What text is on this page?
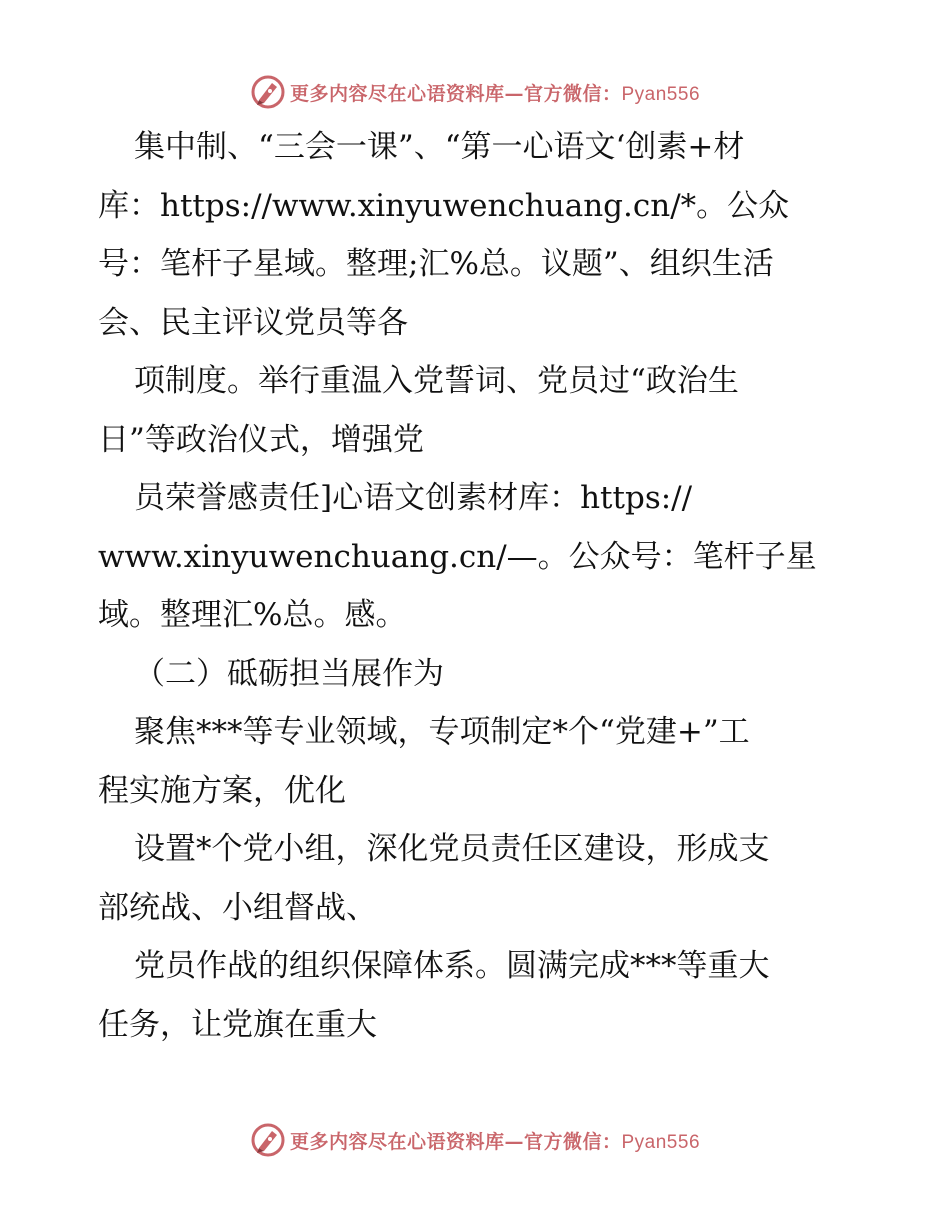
更多内容尽在心语资料库—官方微信：Pyan556
集中制、“三会一课”、“第一心语文‘创素+材
库：https://www.xinyuwenchuang.cn/*。公众
号：笔杆子星域。整理;汇%总。议题”、组织生活
会、民主评议党员等各
项制度。举行重温入党誓词、党员过“政治生
日”等政治仪式，增强党
员荣誉感责任]心语文创素材库：https://
www.xinyuwenchuang.cn/—。公众号：笔杆子星
域。整理汇%总。感。
（二）砥砺担当展作为
聚焦***等专业领域，专项制定*个“党建+”工
程实施方案，优化
设置*个党小组，深化党员责任区建设，形成支
部统战、小组督战、
党员作战的组织保障体系。圆满完成***等重大
任务，让党旗在重大
更多内容尽在心语资料库—官方微信：Pyan556
